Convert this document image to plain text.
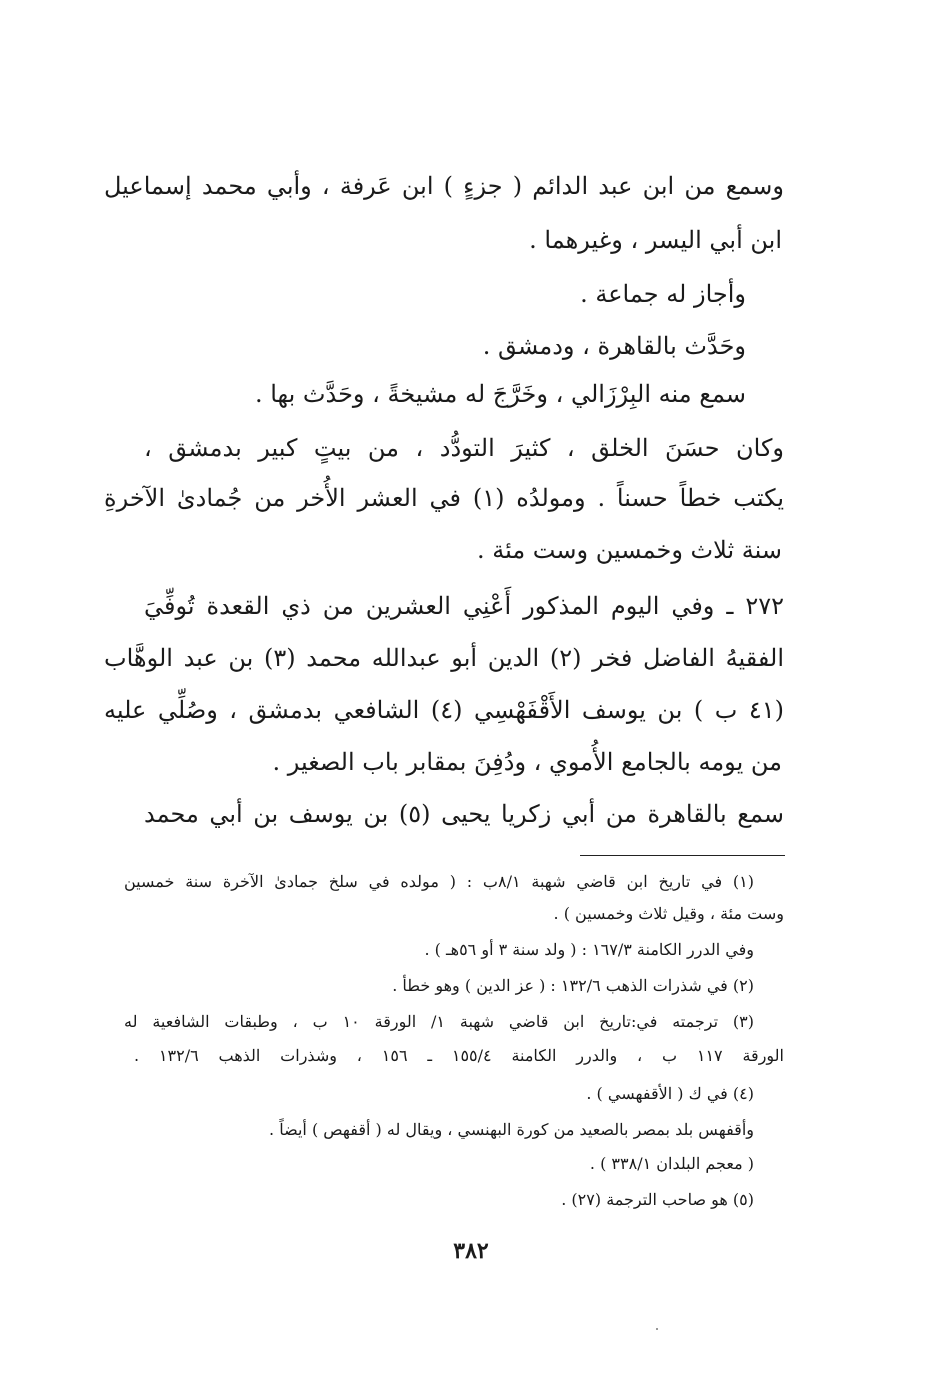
وسمع من ابن عبد الدائم ( جزءٍ ) ابن عَرفة ، وأبي محمد إسماعيل
ابن أبي اليسر ، وغيرهما .
وأجاز له جماعة .
وحَدَّث بالقاهرة ، ودمشق .
سمع منه البِرْزَالي ، وخَرَّجَ له مشيخةً ، وحَدَّث بها .
وكان حسَنَ الخلق ، كثيرَ التودُّد ، من بيتٍ كبير بدمشق ،
يكتب خطاً حسناً . ومولدُه (١) في العشر الأُخر من جُمادىٰ الآخرةِ
سنة ثلاث وخمسين وست مئة .
٢٧٢ ـ وفي اليوم المذكور أَعْنِي العشرين من ذي القعدة تُوفِّيَ
الفقيهُ الفاضل فخر (٢) الدين أبو عبدالله محمد (٣) بن عبد الوهَّاب
(٤١ ب ) بن يوسف الأَقْفَهْسِي (٤) الشافعي بدمشق ، وصُلِّي عليه
من يومه بالجامع الأُموي ، ودُفِنَ بمقابر باب الصغير .
سمع بالقاهرة من أبي زكريا يحيى (٥) بن يوسف بن أبي محمد
(١) في تاريخ ابن قاضي شهبة ٨/١ب : ( مولده في سلخ جمادىٰ الآخرة سنة خمسين
وست مئة ، وقيل ثلاث وخمسين ) .
وفي الدرر الكامنة ١٦٧/٣ : ( ولد سنة ٣ أو ٥٦هـ ) .
(٢) في شذرات الذهب ١٣٢/٦ : ( عز الدين ) وهو خطأ .
(٣) ترجمته في:تاريخ ابن قاضي شهبة ١/ الورقة ١٠ ب ، وطبقات الشافعية له
الورقة ١١٧ ب ، والدرر الكامنة ١٥٥/٤ ـ ١٥٦ ، وشذرات الذهب ١٣٢/٦ .
(٤) في ك ( الأقفهسي ) .
وأقفهس بلد بمصر بالصعيد من كورة البهنسي ، ويقال له ( أقفهص ) أيضاً .
( معجم البلدان ٣٣٨/١ ) .
(٥) هو صاحب الترجمة (٢٧) .
٣٨٢
